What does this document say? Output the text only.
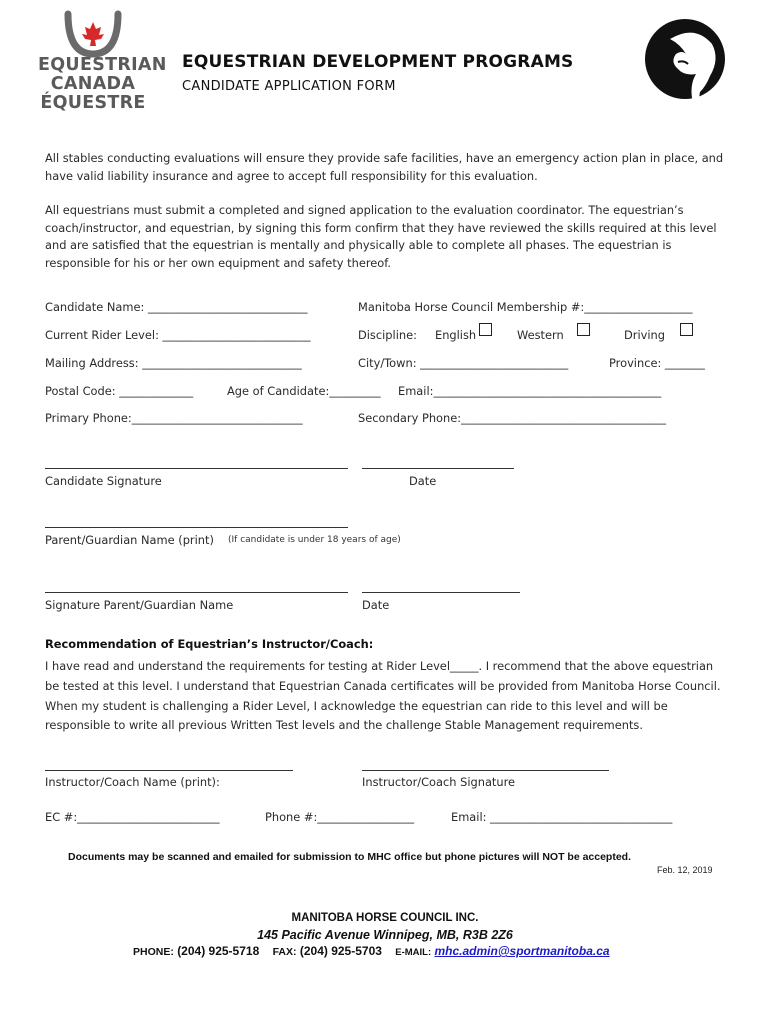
EQUESTRIAN
CANADA
ÉQUESTRE
EQUESTRIAN DEVELOPMENT PROGRAMS
CANDIDATE APPLICATION FORM
All stables conducting evaluations will ensure they provide safe facilities, have an emergency action plan in place, and have valid liability insurance and agree to accept full responsibility for this evaluation.
All equestrians must submit a completed and signed application to the evaluation coordinator. The equestrian’s coach/instructor, and equestrian, by signing this form confirm that they have reviewed the skills required at this level and are satisfied that the equestrian is mentally and physically able to complete all phases. The equestrian is responsible for his or her own equipment and safety thereof.
Candidate Name: ____________________________	Manitoba Horse Council Membership #:___________________
Current Rider Level: __________________________	Discipline: English	Western	Driving
Mailing Address: ____________________________	City/Town: __________________________	Province: _______
Postal Code: _____________	Age of Candidate:_________ Email:________________________________________
Primary Phone:______________________________	Secondary Phone:____________________________________
Candidate Signature	Date
Parent/Guardian Name (print) (If candidate is under 18 years of age)
Signature Parent/Guardian Name	Date
Recommendation of Equestrian’s Instructor/Coach:
I have read and understand the requirements for testing at Rider Level_____. I recommend that the above equestrian be tested at this level. I understand that Equestrian Canada certificates will be provided from Manitoba Horse Council. When my student is challenging a Rider Level, I acknowledge the equestrian can ride to this level and will be responsible to write all previous Written Test levels and the challenge Stable Management requirements.
Instructor/Coach Name (print):	Instructor/Coach Signature
EC #:_________________________	Phone #:_________________	Email: ________________________________
Documents may be scanned and emailed for submission to MHC office but phone pictures will NOT be accepted.
Feb. 12, 2019
MANITOBA HORSE COUNCIL INC.
145 Pacific Avenue Winnipeg, MB, R3B 2Z6
PHONE: (204) 925-5718 FAX: (204) 925-5703 E-MAIL: mhc.admin@sportmanitoba.ca
